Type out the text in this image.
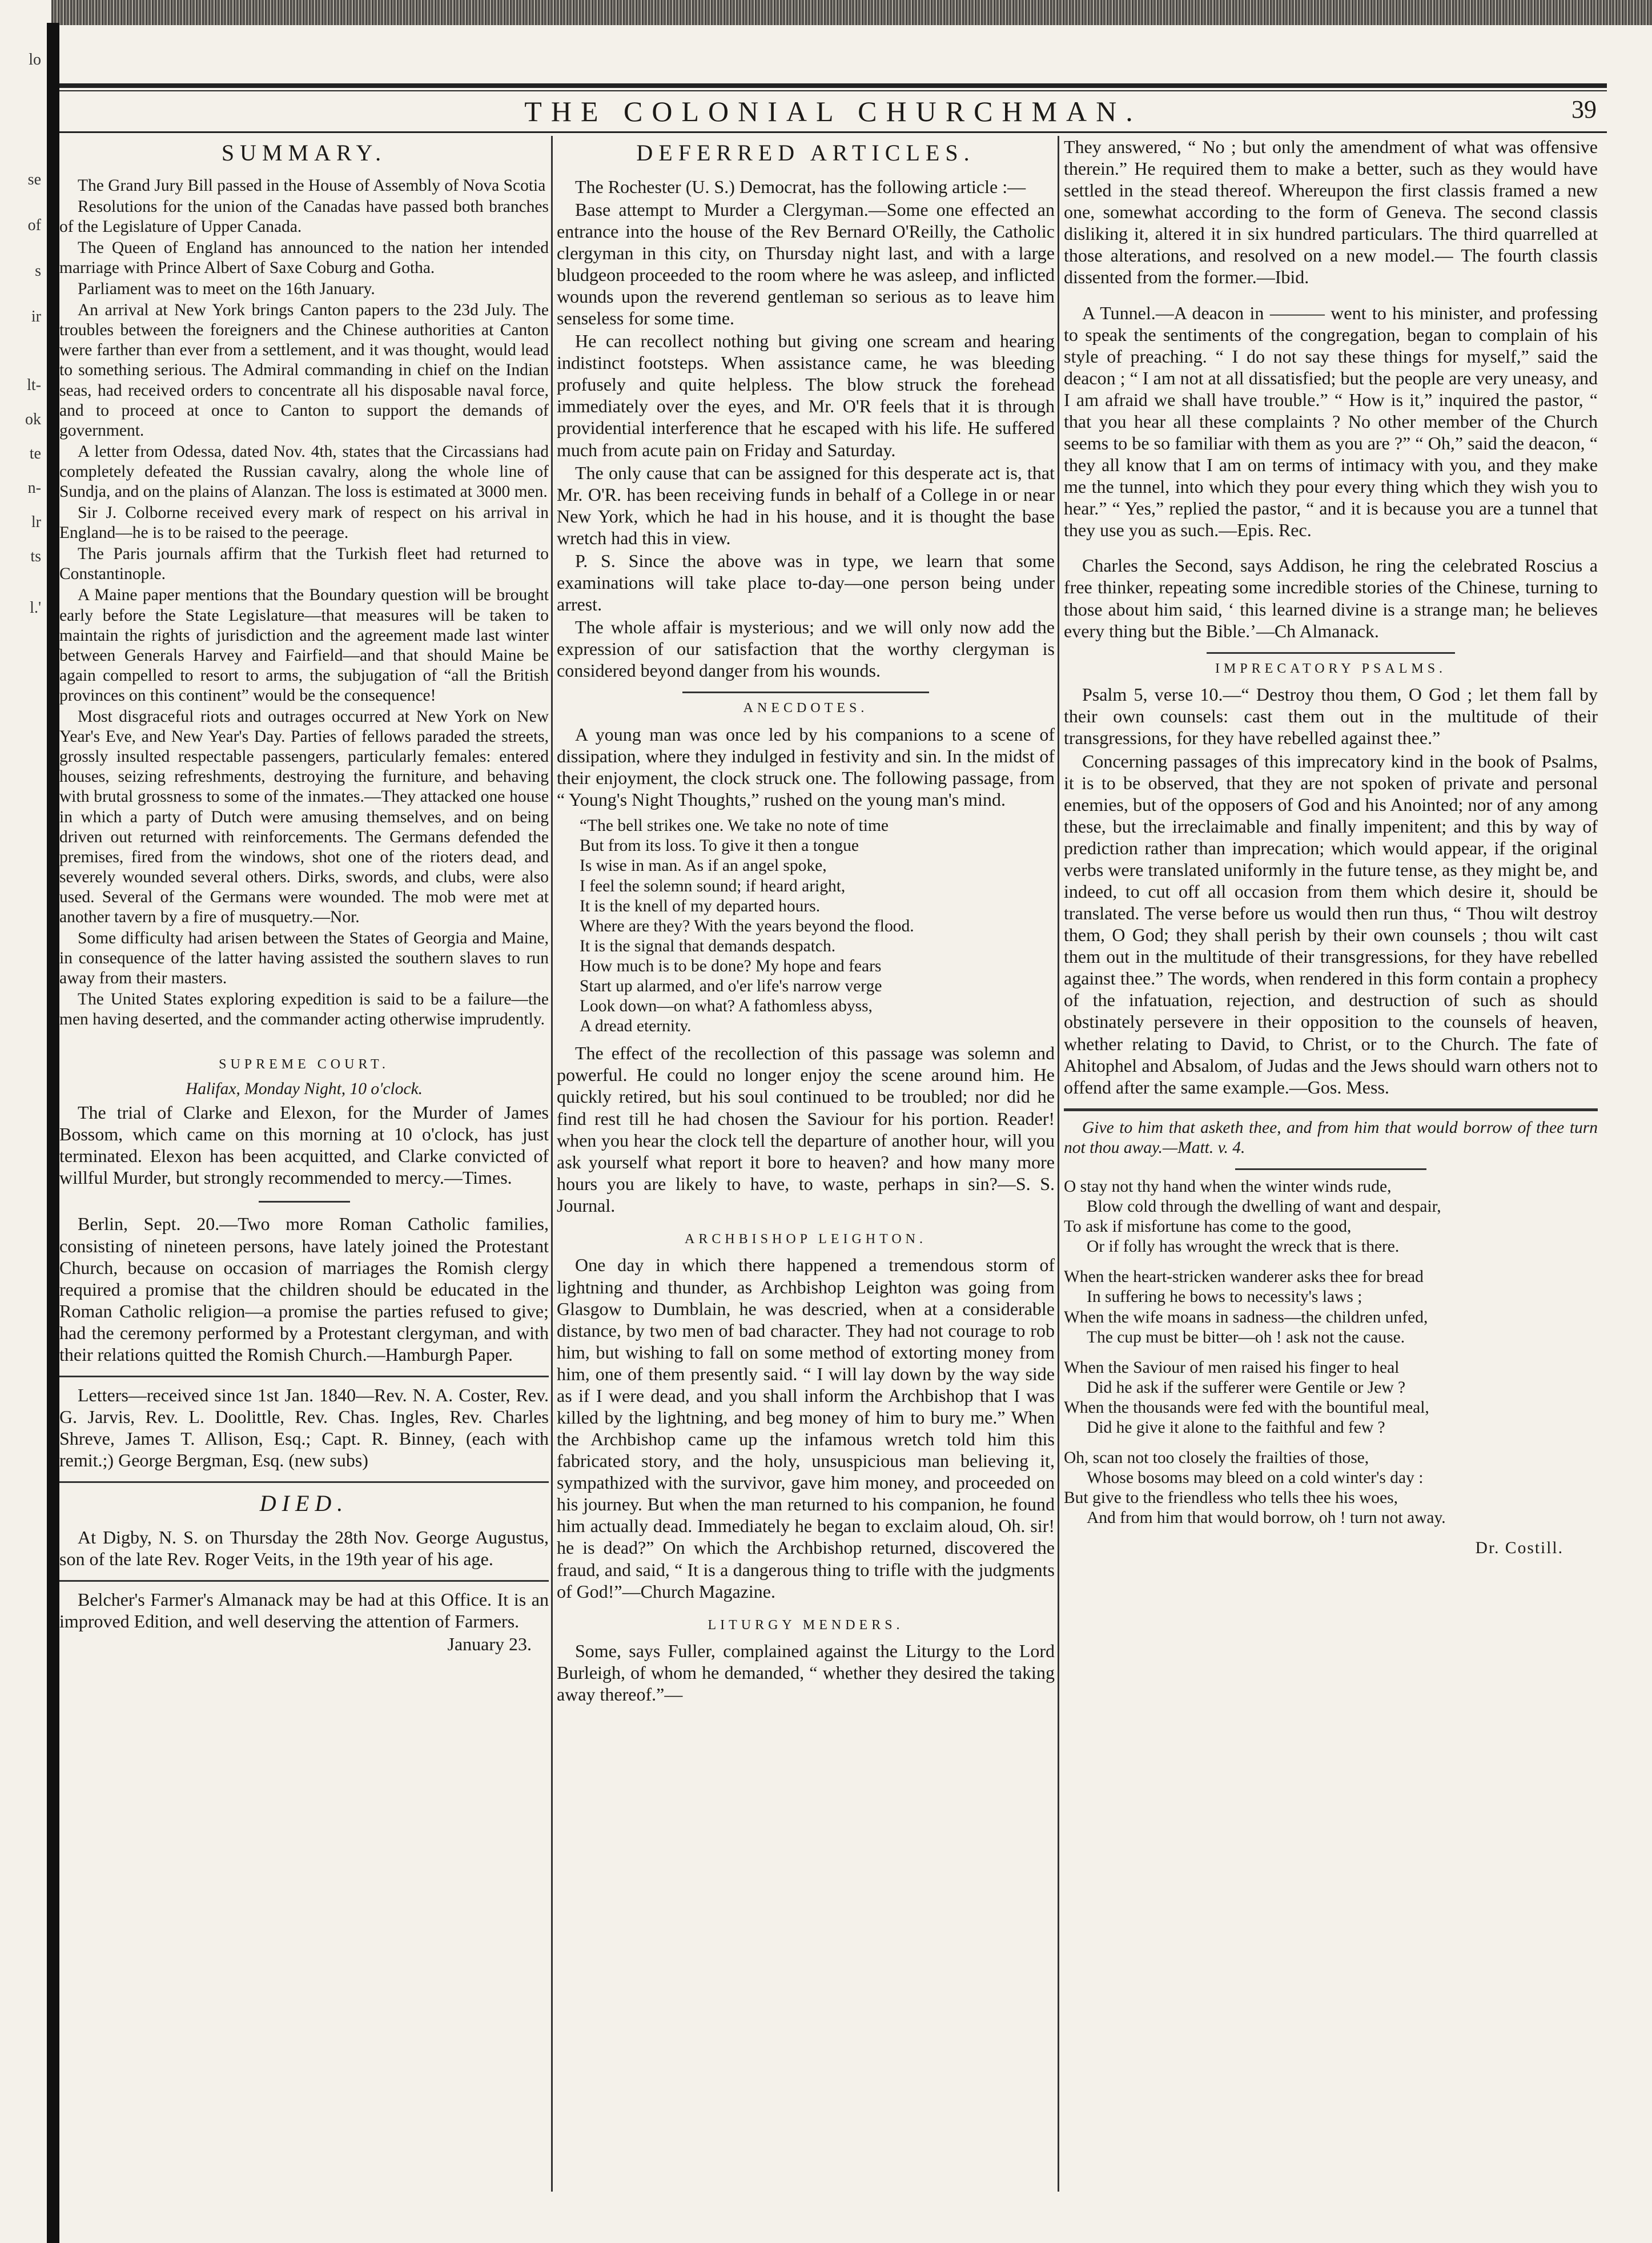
lo
se
of
s
ir
lt-
ok
te
n-
lr
ts
l.'
THE COLONIAL CHURCHMAN.	39
SUMMARY.

The Grand Jury Bill passed in the House of Assembly of Nova Scotia

Resolutions for the union of the Canadas have passed both branches of the Legislature of Upper Canada.

The Queen of England has announced to the nation her intended marriage with Prince Albert of Saxe Coburg and Gotha.

Parliament was to meet on the 16th January.

An arrival at New York brings Canton papers to the 23d July. The troubles between the foreigners and the Chinese authorities at Canton were farther than ever from a settlement, and it was thought, would lead to something serious. The Admiral commanding in chief on the Indian seas, had received orders to concentrate all his disposable naval force, and to proceed at once to Canton to support the demands of government.

A letter from Odessa, dated Nov. 4th, states that the Circassians had completely defeated the Russian cavalry, along the whole line of Sundja, and on the plains of Alanzan. The loss is estimated at 3000 men.

Sir J. Colborne received every mark of respect on his arrival in England—he is to be raised to the peerage.

The Paris journals affirm that the Turkish fleet had returned to Constantinople.

A Maine paper mentions that the Boundary question will be brought early before the State Legislature—that measures will be taken to maintain the rights of jurisdiction and the agreement made last winter between Generals Harvey and Fairfield—and that should Maine be again compelled to resort to arms, the subjugation of “all the British provinces on this continent” would be the consequence!

Most disgraceful riots and outrages occurred at New York on New Year's Eve, and New Year's Day. Parties of fellows paraded the streets, grossly insulted respectable passengers, particularly females: entered houses, seizing refreshments, destroying the furniture, and behaving with brutal grossness to some of the inmates.—They attacked one house in which a party of Dutch were amusing themselves, and on being driven out returned with reinforcements. The Germans defended the premises, fired from the windows, shot one of the rioters dead, and severely wounded several others. Dirks, swords, and clubs, were also used. Several of the Germans were wounded. The mob were met at another tavern by a fire of musquetry.—Nor.

Some difficulty had arisen between the States of Georgia and Maine, in consequence of the latter having assisted the southern slaves to run away from their masters.

The United States exploring expedition is said to be a failure—the men having deserted, and the commander acting otherwise imprudently.

SUPREME COURT.

Halifax, Monday Night, 10 o'clock.

The trial of Clarke and Elexon, for the Murder of James Bossom, which came on this morning at 10 o'clock, has just terminated. Elexon has been acquitted, and Clarke convicted of willful Murder, but strongly recommended to mercy.—Times.

Berlin, Sept. 20.—Two more Roman Catholic families, consisting of nineteen persons, have lately joined the Protestant Church, because on occasion of marriages the Romish clergy required a promise that the children should be educated in the Roman Catholic religion—a promise the parties refused to give; had the ceremony performed by a Protestant clergyman, and with their relations quitted the Romish Church.—Hamburgh Paper.

Letters—received since 1st Jan. 1840—Rev. N. A. Coster, Rev. G. Jarvis, Rev. L. Doolittle, Rev. Chas. Ingles, Rev. Charles Shreve, James T. Allison, Esq.; Capt. R. Binney, (each with remit.;) George Bergman, Esq. (new subs)

DIED.

At Digby, N. S. on Thursday the 28th Nov. George Augustus, son of the late Rev. Roger Veits, in the 19th year of his age.

Belcher's Farmer's Almanack may be had at this Office. It is an improved Edition, and well deserving the attention of Farmers.

January 23.

DEFERRED ARTICLES.

The Rochester (U. S.) Democrat, has the following article :—

Base attempt to Murder a Clergyman.—Some one effected an entrance into the house of the Rev Bernard O'Reilly, the Catholic clergyman in this city, on Thursday night last, and with a large bludgeon proceeded to the room where he was asleep, and inflicted wounds upon the reverend gentleman so serious as to leave him senseless for some time.

He can recollect nothing but giving one scream and hearing indistinct footsteps. When assistance came, he was bleeding profusely and quite helpless. The blow struck the forehead immediately over the eyes, and Mr. O'R feels that it is through providential interference that he escaped with his life. He suffered much from acute pain on Friday and Saturday.

The only cause that can be assigned for this desperate act is, that Mr. O'R. has been receiving funds in behalf of a College in or near New York, which he had in his house, and it is thought the base wretch had this in view.

P. S. Since the above was in type, we learn that some examinations will take place to-day—one person being under arrest.

The whole affair is mysterious; and we will only now add the expression of our satisfaction that the worthy clergyman is considered beyond danger from his wounds.

ANECDOTES.

A young man was once led by his companions to a scene of dissipation, where they indulged in festivity and sin. In the midst of their enjoyment, the clock struck one. The following passage, from “ Young's Night Thoughts,” rushed on the young man's mind.

“The bell strikes one. We take no note of time
But from its loss. To give it then a tongue
Is wise in man. As if an angel spoke,
I feel the solemn sound; if heard aright,
It is the knell of my departed hours.
Where are they? With the years beyond the flood.
It is the signal that demands despatch.
How much is to be done? My hope and fears
Start up alarmed, and o'er life's narrow verge
Look down—on what? A fathomless abyss,
A dread eternity.

The effect of the recollection of this passage was solemn and powerful. He could no longer enjoy the scene around him. He quickly retired, but his soul continued to be troubled; nor did he find rest till he had chosen the Saviour for his portion. Reader! when you hear the clock tell the departure of another hour, will you ask yourself what report it bore to heaven? and how many more hours you are likely to have, to waste, perhaps in sin?—S. S. Journal.

ARCHBISHOP LEIGHTON.

One day in which there happened a tremendous storm of lightning and thunder, as Archbishop Leighton was going from Glasgow to Dumblain, he was descried, when at a considerable distance, by two men of bad character. They had not courage to rob him, but wishing to fall on some method of extorting money from him, one of them presently said. “ I will lay down by the way side as if I were dead, and you shall inform the Archbishop that I was killed by the lightning, and beg money of him to bury me.” When the Archbishop came up the infamous wretch told him this fabricated story, and the holy, unsuspicious man believing it, sympathized with the survivor, gave him money, and proceeded on his journey. But when the man returned to his companion, he found him actually dead. Immediately he began to exclaim aloud, Oh. sir! he is dead?” On which the Archbishop returned, discovered the fraud, and said, “ It is a dangerous thing to trifle with the judgments of God!”—Church Magazine.

LITURGY MENDERS.

Some, says Fuller, complained against the Liturgy to the Lord Burleigh, of whom he demanded, “ whether they desired the taking away thereof.”—

They answered, “ No ; but only the amendment of what was offensive therein.” He required them to make a better, such as they would have settled in the stead thereof. Whereupon the first classis framed a new one, somewhat according to the form of Geneva. The second classis disliking it, altered it in six hundred particulars. The third quarrelled at those alterations, and resolved on a new model.— The fourth classis dissented from the former.—Ibid.

A Tunnel.—A deacon in ——— went to his minister, and professing to speak the sentiments of the congregation, began to complain of his style of preaching. “ I do not say these things for myself,” said the deacon ; “ I am not at all dissatisfied; but the people are very uneasy, and I am afraid we shall have trouble.” “ How is it,” inquired the pastor, “ that you hear all these complaints ? No other member of the Church seems to be so familiar with them as you are ?” “ Oh,” said the deacon, “ they all know that I am on terms of intimacy with you, and they make me the tunnel, into which they pour every thing which they wish you to hear.” “ Yes,” replied the pastor, “ and it is because you are a tunnel that they use you as such.—Epis. Rec.

Charles the Second, says Addison, he ring the celebrated Roscius a free thinker, repeating some incredible stories of the Chinese, turning to those about him said, ‘ this learned divine is a strange man; he believes every thing but the Bible.’—Ch Almanack.

IMPRECATORY PSALMS.

Psalm 5, verse 10.—“ Destroy thou them, O God ; let them fall by their own counsels: cast them out in the multitude of their transgressions, for they have rebelled against thee.”

Concerning passages of this imprecatory kind in the book of Psalms, it is to be observed, that they are not spoken of private and personal enemies, but of the opposers of God and his Anointed; nor of any among these, but the irreclaimable and finally impenitent; and this by way of prediction rather than imprecation; which would appear, if the original verbs were translated uniformly in the future tense, as they might be, and indeed, to cut off all occasion from them which desire it, should be translated. The verse before us would then run thus, “ Thou wilt destroy them, O God; they shall perish by their own counsels ; thou wilt cast them out in the multitude of their transgressions, for they have rebelled against thee.” The words, when rendered in this form contain a prophecy of the infatuation, rejection, and destruction of such as should obstinately persevere in their opposition to the counsels of heaven, whether relating to David, to Christ, or to the Church. The fate of Ahitophel and Absalom, of Judas and the Jews should warn others not to offend after the same example.—Gos. Mess.

Give to him that asketh thee, and from him that would borrow of thee turn not thou away.—Matt. v. 4.

O stay not thy hand when the winter winds rude,
Blow cold through the dwelling of want and despair,
To ask if misfortune has come to the good,
Or if folly has wrought the wreck that is there.
When the heart-stricken wanderer asks thee for bread
In suffering he bows to necessity's laws ;
When the wife moans in sadness—the children unfed,
The cup must be bitter—oh ! ask not the cause.
When the Saviour of men raised his finger to heal
Did he ask if the sufferer were Gentile or Jew ?
When the thousands were fed with the bountiful meal,
Did he give it alone to the faithful and few ?
Oh, scan not too closely the frailties of those,
Whose bosoms may bleed on a cold winter's day :
But give to the friendless who tells thee his woes,
And from him that would borrow, oh ! turn not away.
Dr. Costill.
